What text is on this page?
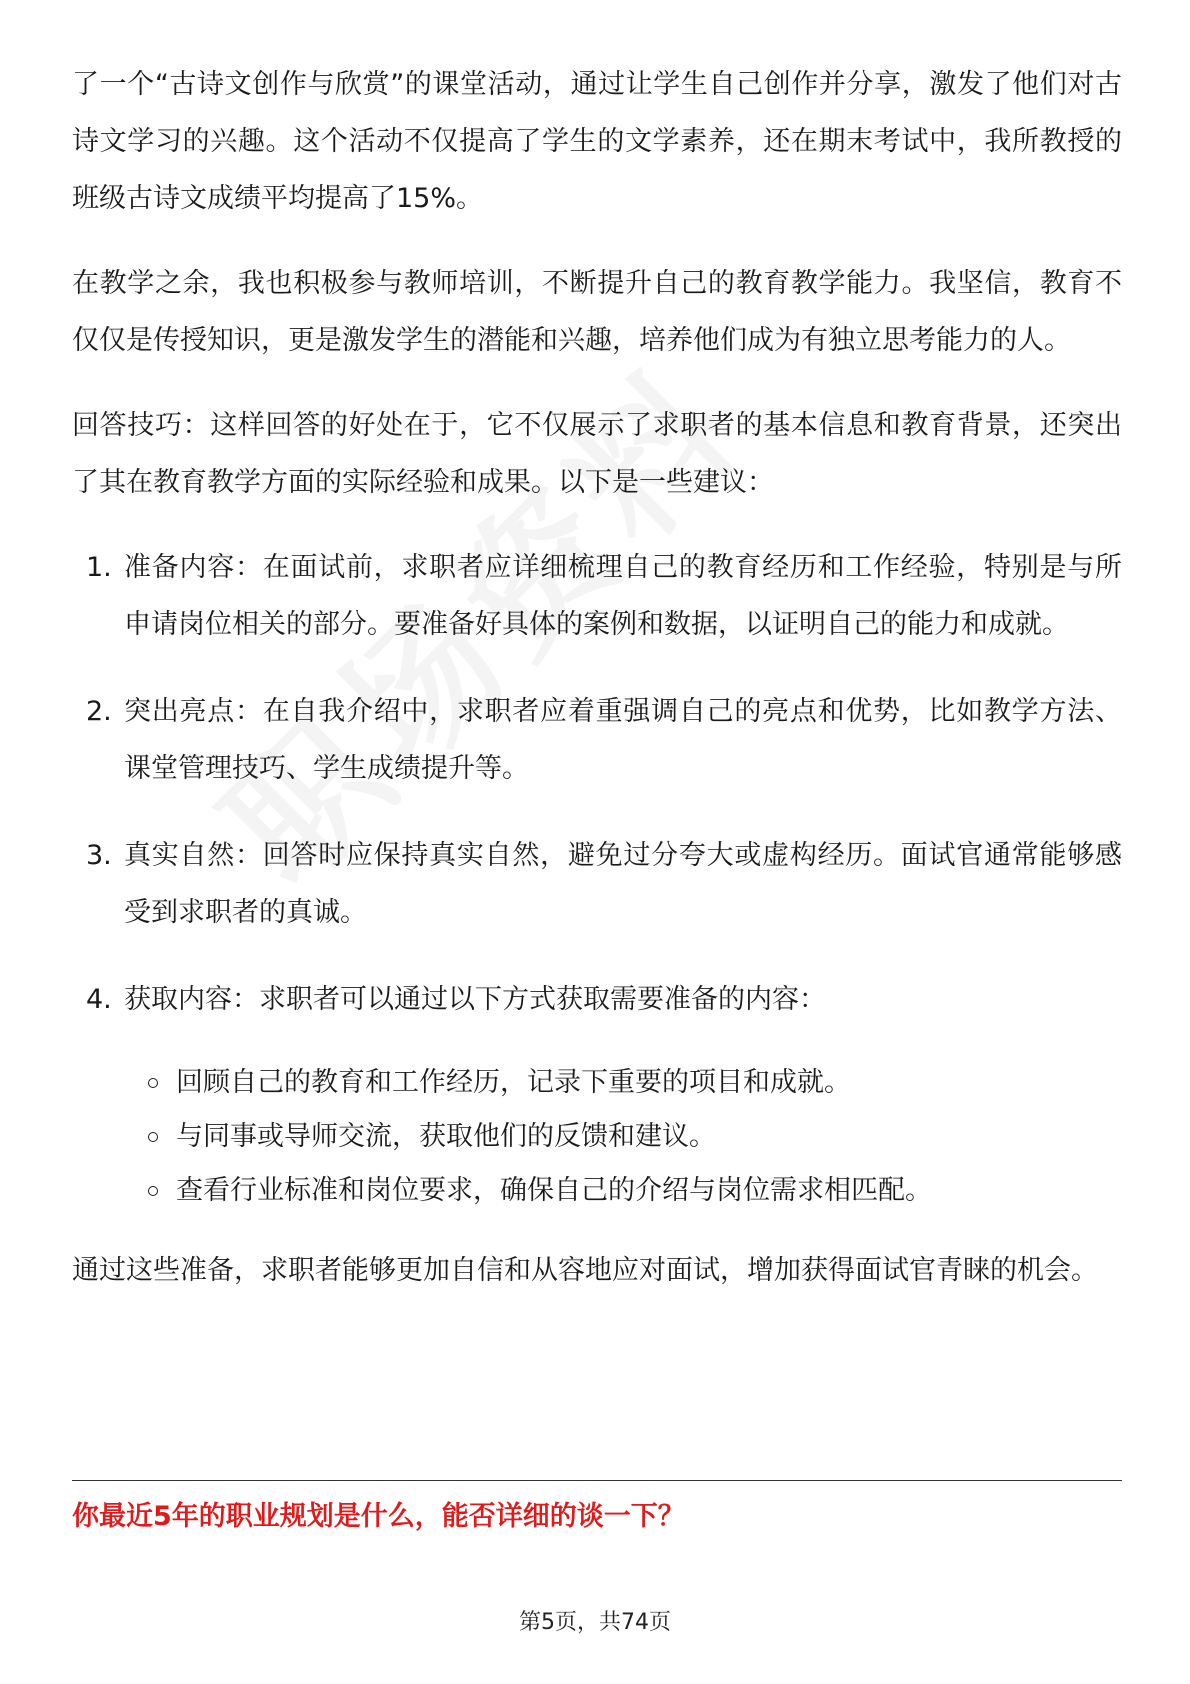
了一个“古诗文创作与欣赏”的课堂活动，通过让学生自己创作并分享，激发了他们对古诗文学习的兴趣。这个活动不仅提高了学生的文学素养，还在期末考试中，我所教授的班级古诗文成绩平均提高了15%。

在教学之余，我也积极参与教师培训，不断提升自己的教育教学能力。我坚信，教育不仅仅是传授知识，更是激发学生的潜能和兴趣，培养他们成为有独立思考能力的人。

回答技巧：这样回答的好处在于，它不仅展示了求职者的基本信息和教育背景，还突出了其在教育教学方面的实际经验和成果。以下是一些建议：

1. 准备内容：在面试前，求职者应详细梳理自己的教育经历和工作经验，特别是与所申请岗位相关的部分。要准备好具体的案例和数据，以证明自己的能力和成就。
2. 突出亮点：在自我介绍中，求职者应着重强调自己的亮点和优势，比如教学方法、课堂管理技巧、学生成绩提升等。
3. 真实自然：回答时应保持真实自然，避免过分夸大或虚构经历。面试官通常能够感受到求职者的真诚。
4. 获取内容：求职者可以通过以下方式获取需要准备的内容：
回顾自己的教育和工作经历，记录下重要的项目和成就。
与同事或导师交流，获取他们的反馈和建议。
查看行业标准和岗位要求，确保自己的介绍与岗位需求相匹配。

通过这些准备，求职者能够更加自信和从容地应对面试，增加获得面试官青睐的机会。

你最近5年的职业规划是什么，能否详细的谈一下？
第5页，共74页
